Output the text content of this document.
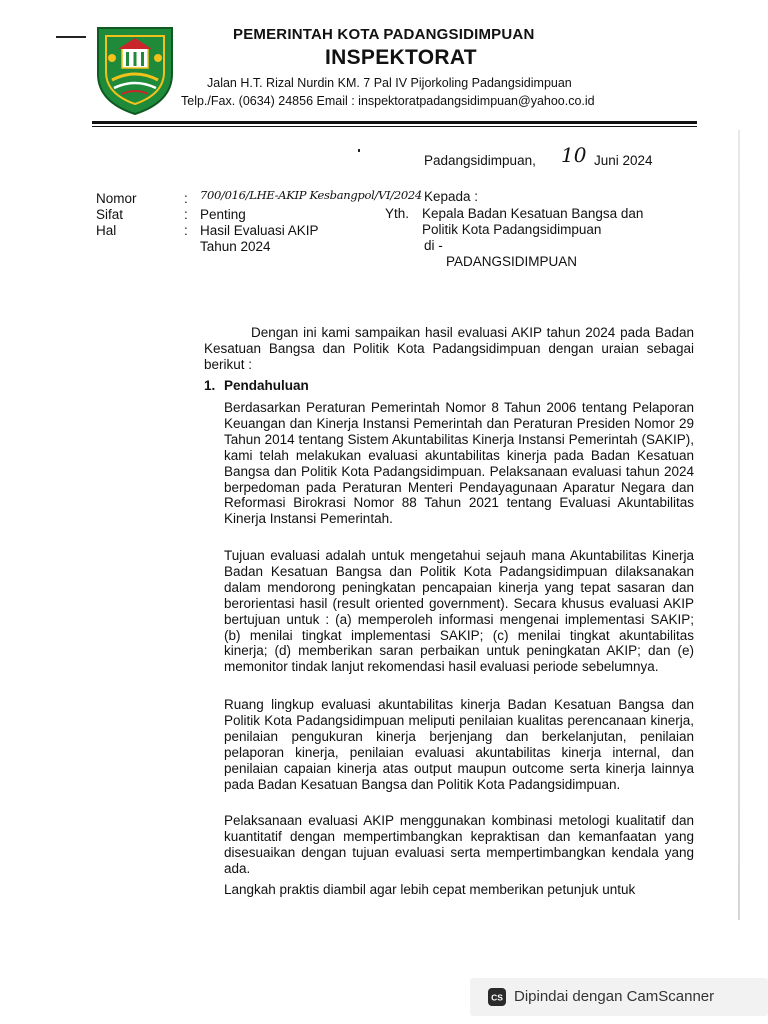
PEMERINTAH KOTA PADANGSIDIMPUAN
INSPEKTORAT
Jalan H.T. Rizal Nurdin KM. 7 Pal IV Pijorkoling Padangsidimpuan
Telp./Fax. (0634) 24856 Email : inspektoratpadangsidimpuan@yahoo.co.id
Padangsidimpuan, 10 Juni 2024
Nomor	: 700/016/LHE-AKIP Kesbangpol/VI/2024
Sifat	: Penting
Hal	: Hasil Evaluasi AKIP
Tahun 2024
Kepada :
Yth. Kepala Badan Kesatuan Bangsa dan
Politik Kota Padangsidimpuan
di -
PADANGSIDIMPUAN

Dengan ini kami sampaikan hasil evaluasi AKIP tahun 2024 pada Badan Kesatuan Bangsa dan Politik Kota Padangsidimpuan dengan uraian sebagai berikut :

1. Pendahuluan

Berdasarkan Peraturan Pemerintah Nomor 8 Tahun 2006 tentang Pelaporan Keuangan dan Kinerja Instansi Pemerintah dan Peraturan Presiden Nomor 29 Tahun 2014 tentang Sistem Akuntabilitas Kinerja Instansi Pemerintah (SAKIP), kami telah melakukan evaluasi akuntabilitas kinerja pada Badan Kesatuan Bangsa dan Politik Kota Padangsidimpuan. Pelaksanaan evaluasi tahun 2024 berpedoman pada Peraturan Menteri Pendayagunaan Aparatur Negara dan Reformasi Birokrasi Nomor 88 Tahun 2021 tentang Evaluasi Akuntabilitas Kinerja Instansi Pemerintah.

Tujuan evaluasi adalah untuk mengetahui sejauh mana Akuntabilitas Kinerja Badan Kesatuan Bangsa dan Politik Kota Padangsidimpuan dilaksanakan dalam mendorong peningkatan pencapaian kinerja yang tepat sasaran dan berorientasi hasil (result oriented government). Secara khusus evaluasi AKIP bertujuan untuk : (a) memperoleh informasi mengenai implementasi SAKIP; (b) menilai tingkat implementasi SAKIP; (c) menilai tingkat akuntabilitas kinerja; (d) memberikan saran perbaikan untuk peningkatan AKIP; dan (e) memonitor tindak lanjut rekomendasi hasil evaluasi periode sebelumnya.

Ruang lingkup evaluasi akuntabilitas kinerja Badan Kesatuan Bangsa dan Politik Kota Padangsidimpuan meliputi penilaian kualitas perencanaan kinerja, penilaian pengukuran kinerja berjenjang dan berkelanjutan, penilaian pelaporan kinerja, penilaian evaluasi akuntabilitas kinerja internal, dan penilaian capaian kinerja atas output maupun outcome serta kinerja lainnya pada Badan Kesatuan Bangsa dan Politik Kota Padangsidimpuan.

Pelaksanaan evaluasi AKIP menggunakan kombinasi metologi kualitatif dan kuantitatif dengan mempertimbangkan kepraktisan dan kemanfaatan yang disesuaikan dengan tujuan evaluasi serta mempertimbangkan kendala yang ada.

Langkah praktis diambil agar lebih cepat memberikan petunjuk untuk

CS Dipindai dengan CamScanner
